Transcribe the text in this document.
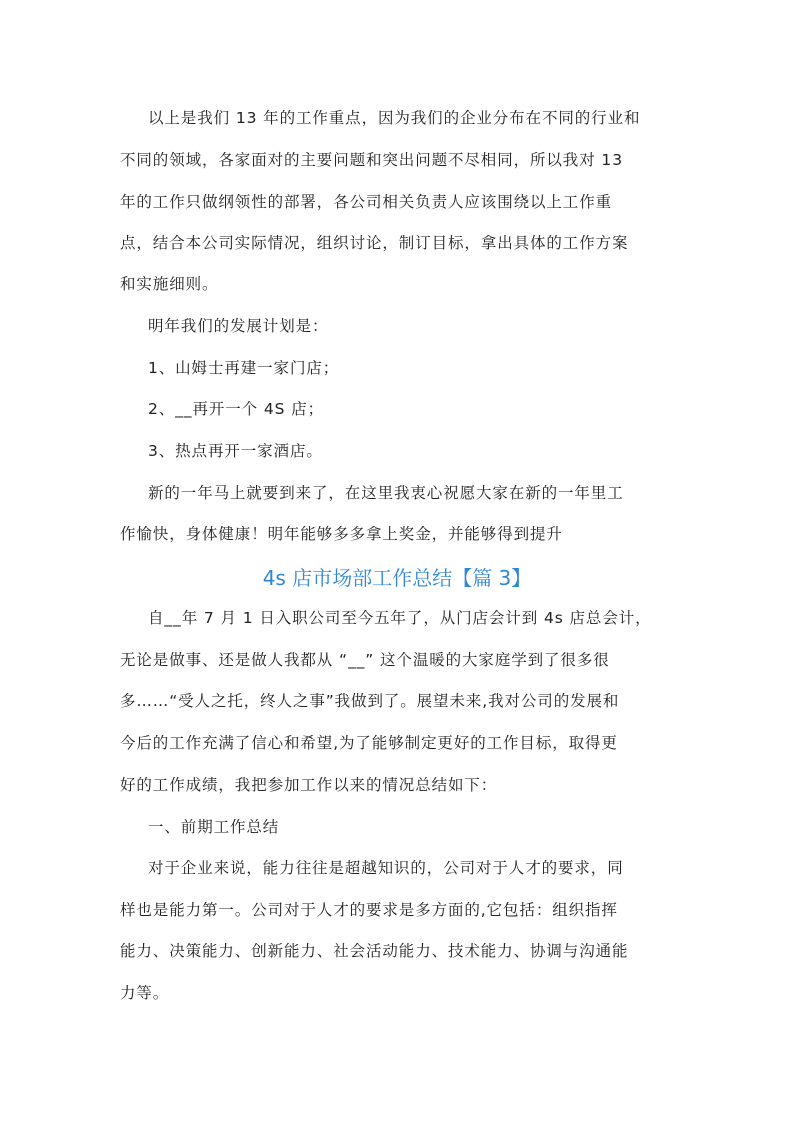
以上是我们 13 年的工作重点，因为我们的企业分布在不同的行业和
不同的领域，各家面对的主要问题和突出问题不尽相同，所以我对 13
年的工作只做纲领性的部署，各公司相关负责人应该围绕以上工作重
点，结合本公司实际情况，组织讨论，制订目标，拿出具体的工作方案
和实施细则。
明年我们的发展计划是：
1、山姆士再建一家门店；
2、__再开一个 4S 店；
3、热点再开一家酒店。
新的一年马上就要到来了，在这里我衷心祝愿大家在新的一年里工
作愉快，身体健康！明年能够多多拿上奖金，并能够得到提升
4s 店市场部工作总结【篇 3】
自__年 7 月 1 日入职公司至今五年了，从门店会计到 4s 店总会计，
无论是做事、还是做人我都从 “__” 这个温暖的大家庭学到了很多很
多……“受人之托，终人之事”我做到了。展望未来,我对公司的发展和
今后的工作充满了信心和希望,为了能够制定更好的工作目标，取得更
好的工作成绩，我把参加工作以来的情况总结如下：
一、前期工作总结
对于企业来说，能力往往是超越知识的，公司对于人才的要求，同
样也是能力第一。公司对于人才的要求是多方面的,它包括：组织指挥
能力、决策能力、创新能力、社会活动能力、技术能力、协调与沟通能
力等。
